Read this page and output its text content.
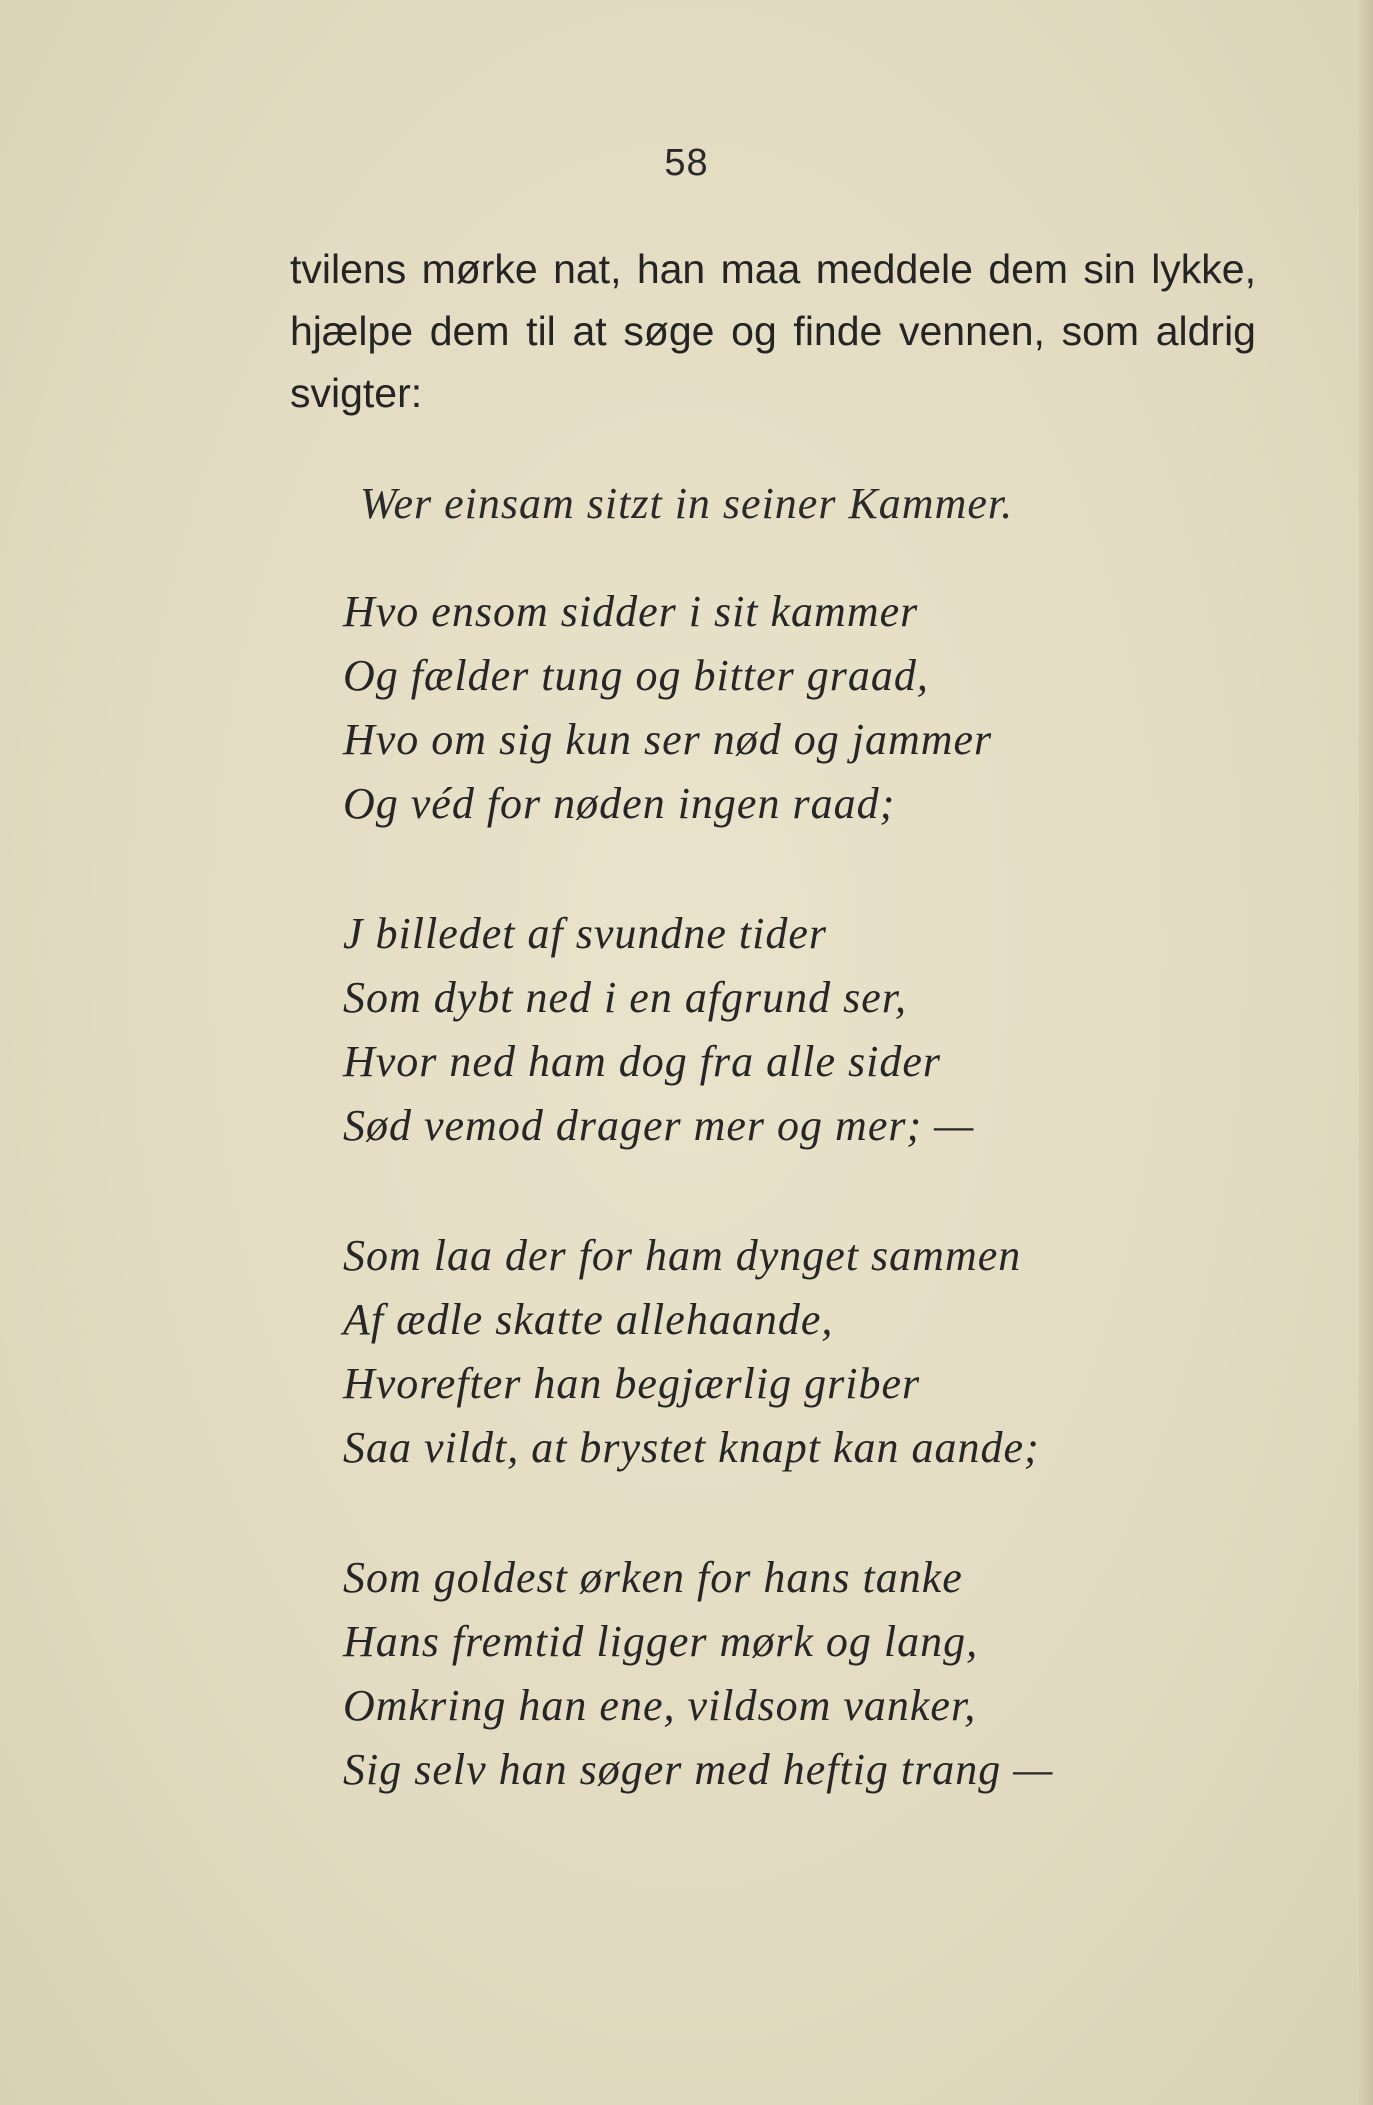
58
tvilens mørke nat, han maa meddele dem sin lykke,
hjælpe dem til at søge og finde vennen, som aldrig
svigter:
Wer einsam sitzt in seiner Kammer.
Hvo ensom sidder i sit kammer
Og fælder tung og bitter graad,
Hvo om sig kun ser nød og jammer
Og véd for nøden ingen raad;
J billedet af svundne tider
Som dybt ned i en afgrund ser,
Hvor ned ham dog fra alle sider
Sød vemod drager mer og mer; —
Som laa der for ham dynget sammen
Af ædle skatte allehaande,
Hvorefter han begjærlig griber
Saa vildt, at brystet knapt kan aande;
Som goldest ørken for hans tanke
Hans fremtid ligger mørk og lang,
Omkring han ene, vildsom vanker,
Sig selv han søger med heftig trang —
